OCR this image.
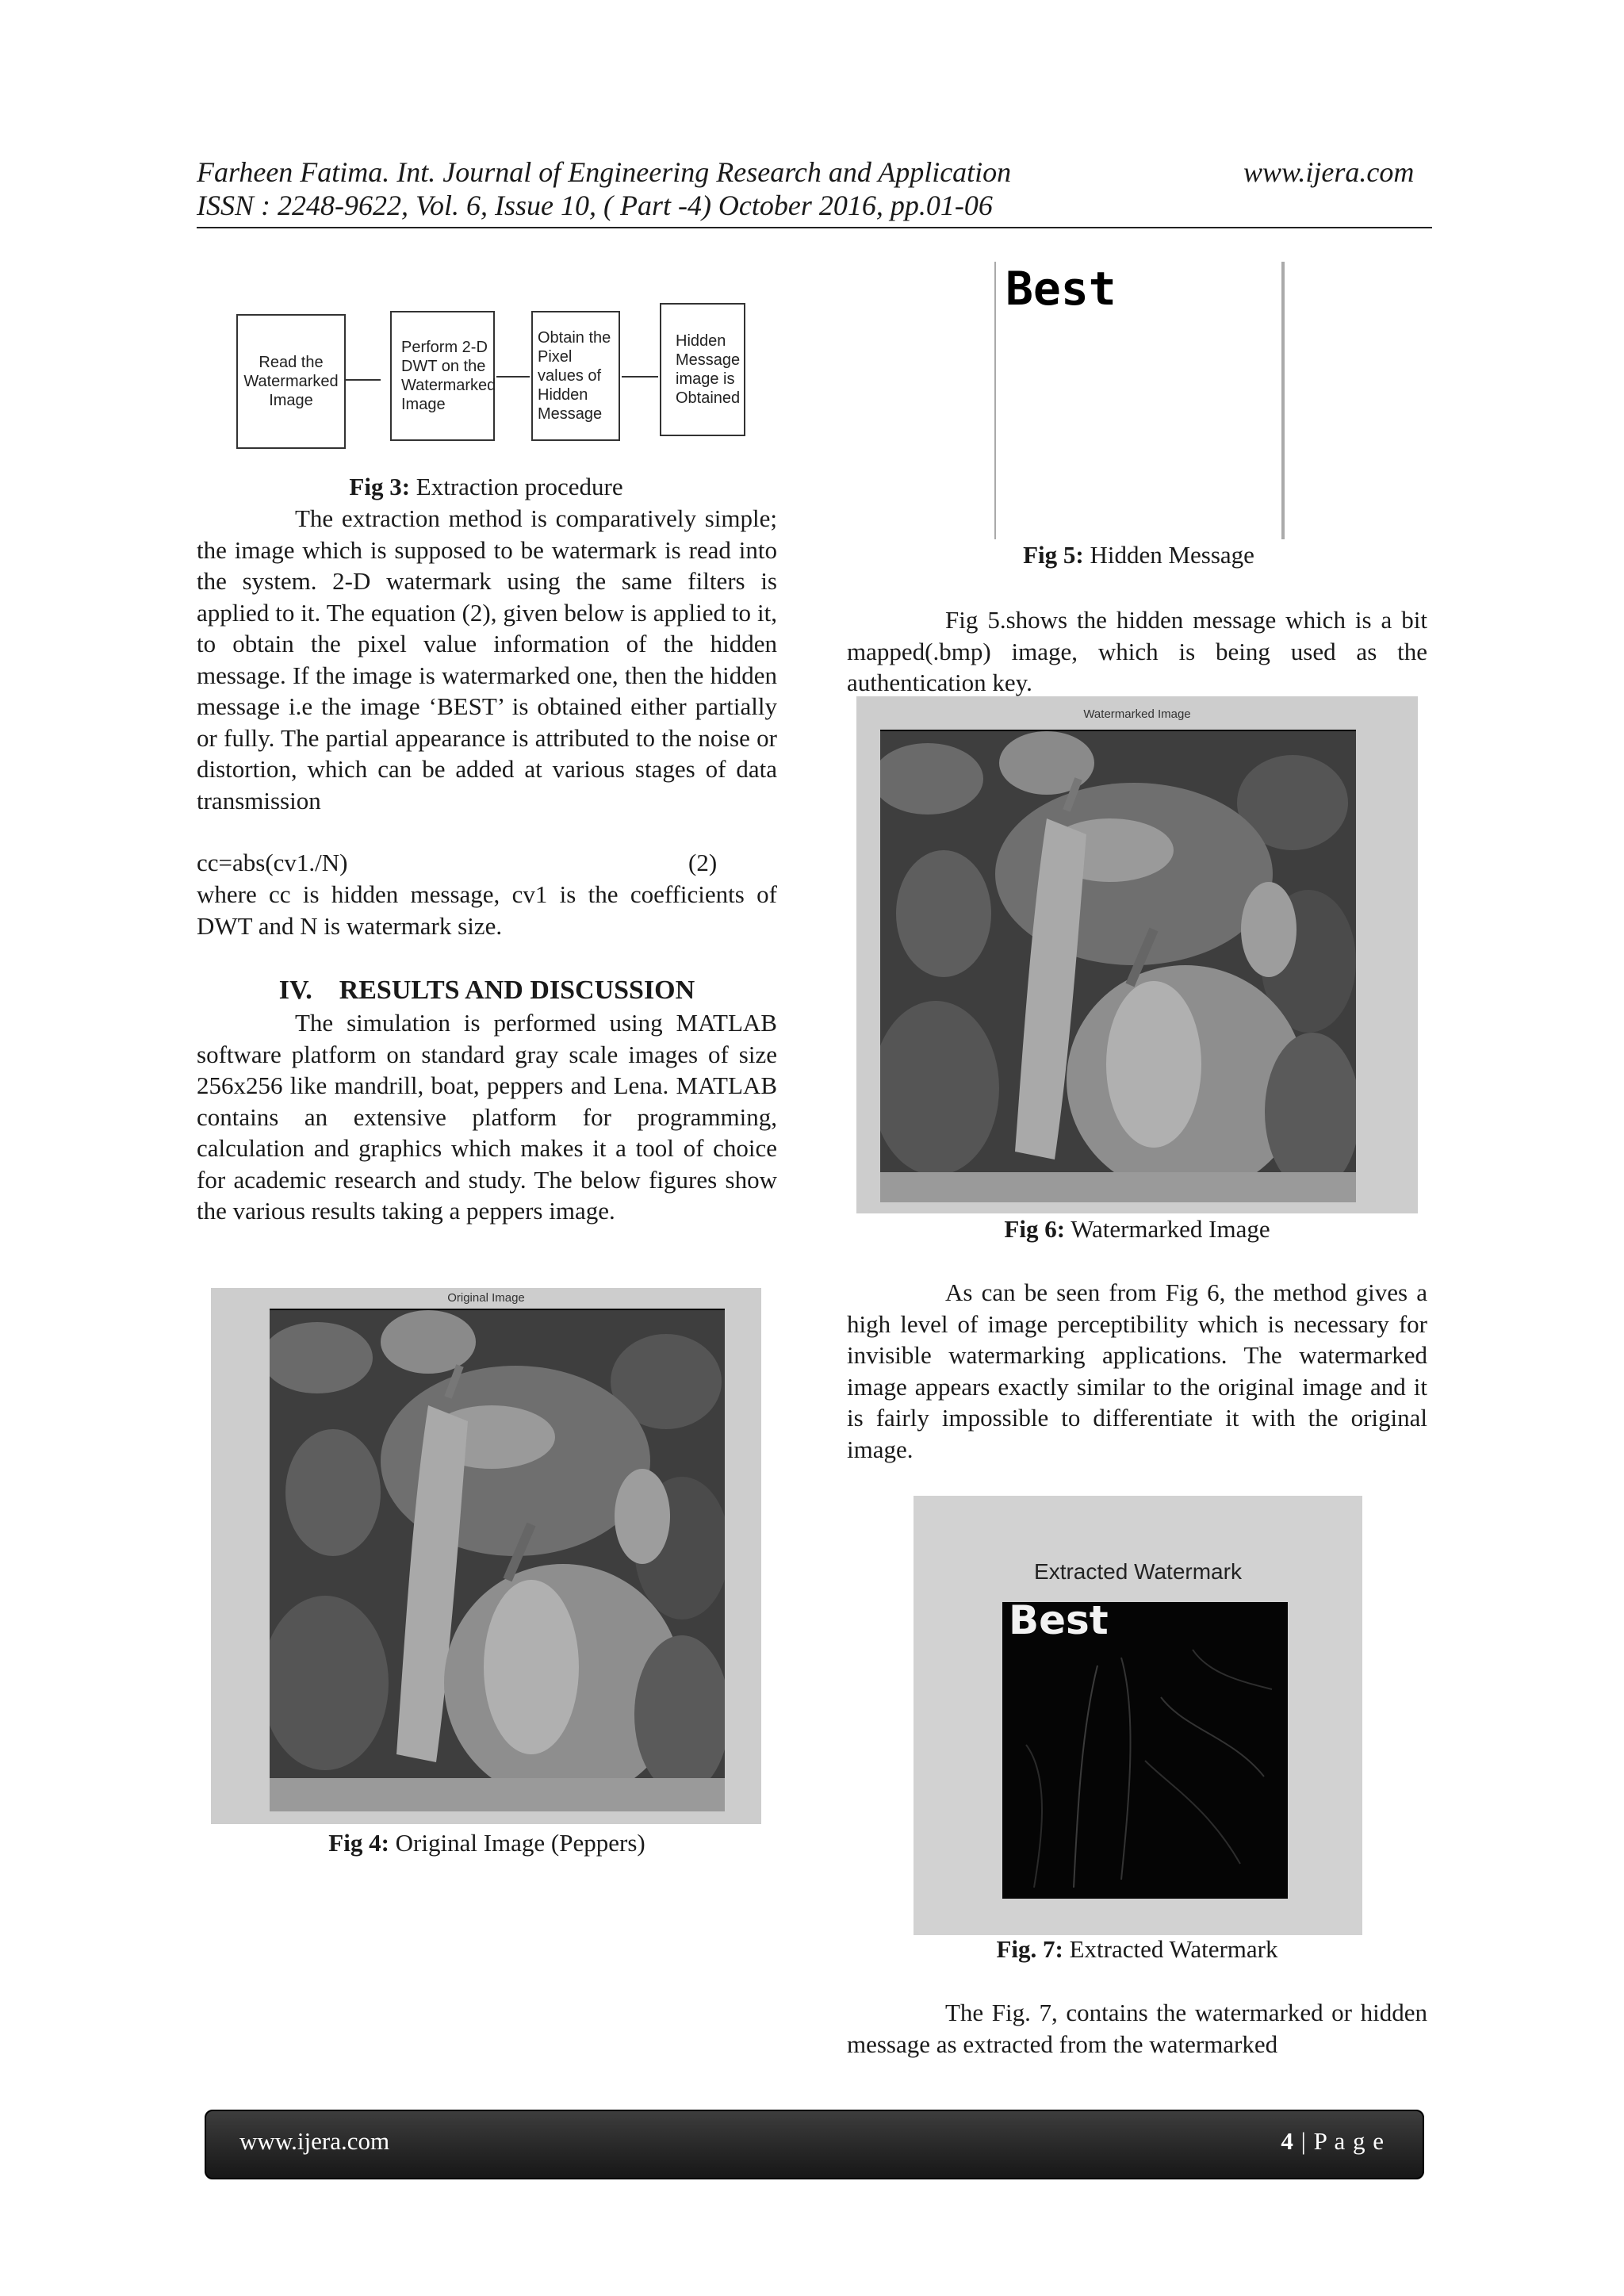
Farheen Fatima. Int. Journal of Engineering Research and Application	www.ijera.com
ISSN : 2248-9622, Vol. 6, Issue 10, ( Part -4) October 2016, pp.01-06
Read the Watermarked Image
Perform 2-D DWT on the Watermarked Image
Obtain the Pixel values of Hidden Message
Hidden Message image is Obtained
Fig 3: Extraction procedure
The extraction method is comparatively simple; the image which is supposed to be watermark is read into the system. 2-D watermark using the same filters is applied to it. The equation (2), given below is applied to it, to obtain the pixel value information of the hidden message. If the image is watermarked one, then the hidden message i.e the image ‘BEST’ is obtained either partially or fully. The partial appearance is attributed to the noise or distortion, which can be added at various stages of data transmission
cc=abs(cv1./N)	(2)
where cc is hidden message, cv1 is the coefficients of DWT and N is watermark size.
IV.    RESULTS AND DISCUSSION
The simulation is performed using MATLAB software platform on standard gray scale images of size 256x256 like mandrill, boat, peppers and Lena. MATLAB contains an extensive platform for programming, calculation and graphics which makes it a tool of choice for academic research and study. The below figures show the various results taking a peppers image.
Original Image
Fig 4: Original Image (Peppers)
Best
Fig 5: Hidden Message
Fig 5.shows the hidden message which is a bit mapped(.bmp) image, which is being used as the authentication key.
Watermarked Image
Fig 6: Watermarked Image
As can be seen from Fig 6, the method gives a high level of image perceptibility which is necessary for invisible watermarking applications. The watermarked image appears exactly similar to the original image and it is fairly impossible to differentiate it with the original image.
Extracted Watermark
Best
Fig. 7: Extracted Watermark
The Fig. 7, contains the watermarked or hidden message as extracted from the watermarked
www.ijera.com	4 | P a g e
